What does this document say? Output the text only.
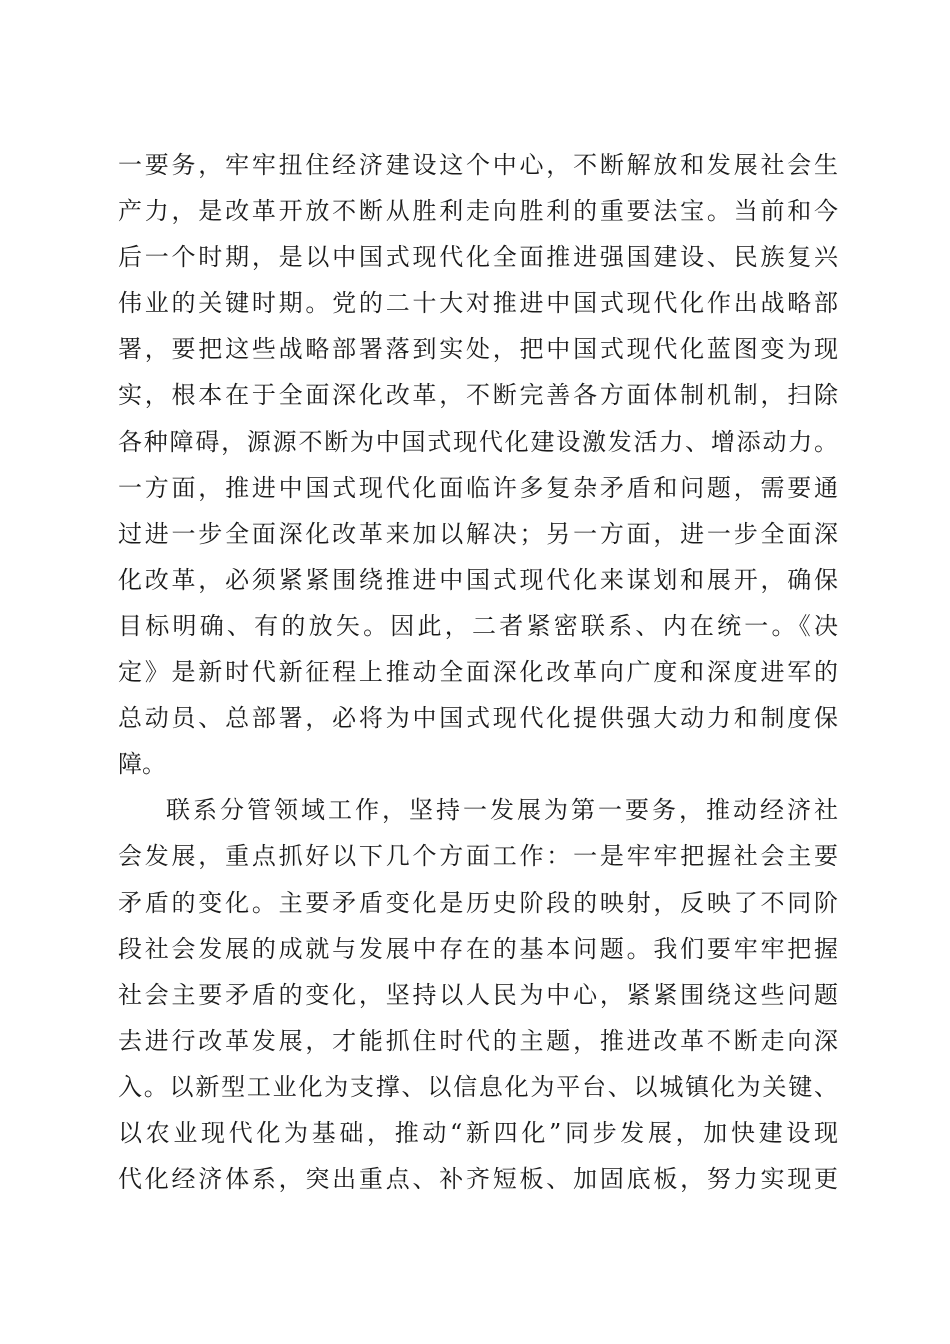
一要务，牢牢扭住经济建设这个中心，不断解放和发展社会生
产力，是改革开放不断从胜利走向胜利的重要法宝。当前和今
后一个时期，是以中国式现代化全面推进强国建设、民族复兴
伟业的关键时期。党的二十大对推进中国式现代化作出战略部
署，要把这些战略部署落到实处，把中国式现代化蓝图变为现
实，根本在于全面深化改革，不断完善各方面体制机制，扫除
各种障碍，源源不断为中国式现代化建设激发活力、增添动力。
一方面，推进中国式现代化面临许多复杂矛盾和问题，需要通
过进一步全面深化改革来加以解决；另一方面，进一步全面深
化改革，必须紧紧围绕推进中国式现代化来谋划和展开，确保
目标明确、有的放矢。因此，二者紧密联系、内在统一。《决
定》是新时代新征程上推动全面深化改革向广度和深度进军的
总动员、总部署，必将为中国式现代化提供强大动力和制度保
障。
联系分管领域工作，坚持一发展为第一要务，推动经济社
会发展，重点抓好以下几个方面工作：一是牢牢把握社会主要
矛盾的变化。主要矛盾变化是历史阶段的映射，反映了不同阶
段社会发展的成就与发展中存在的基本问题。我们要牢牢把握
社会主要矛盾的变化，坚持以人民为中心，紧紧围绕这些问题
去进行改革发展，才能抓住时代的主题，推进改革不断走向深
入。以新型工业化为支撑、以信息化为平台、以城镇化为关键、
以农业现代化为基础，推动“新四化”同步发展，加快建设现
代化经济体系，突出重点、补齐短板、加固底板，努力实现更
